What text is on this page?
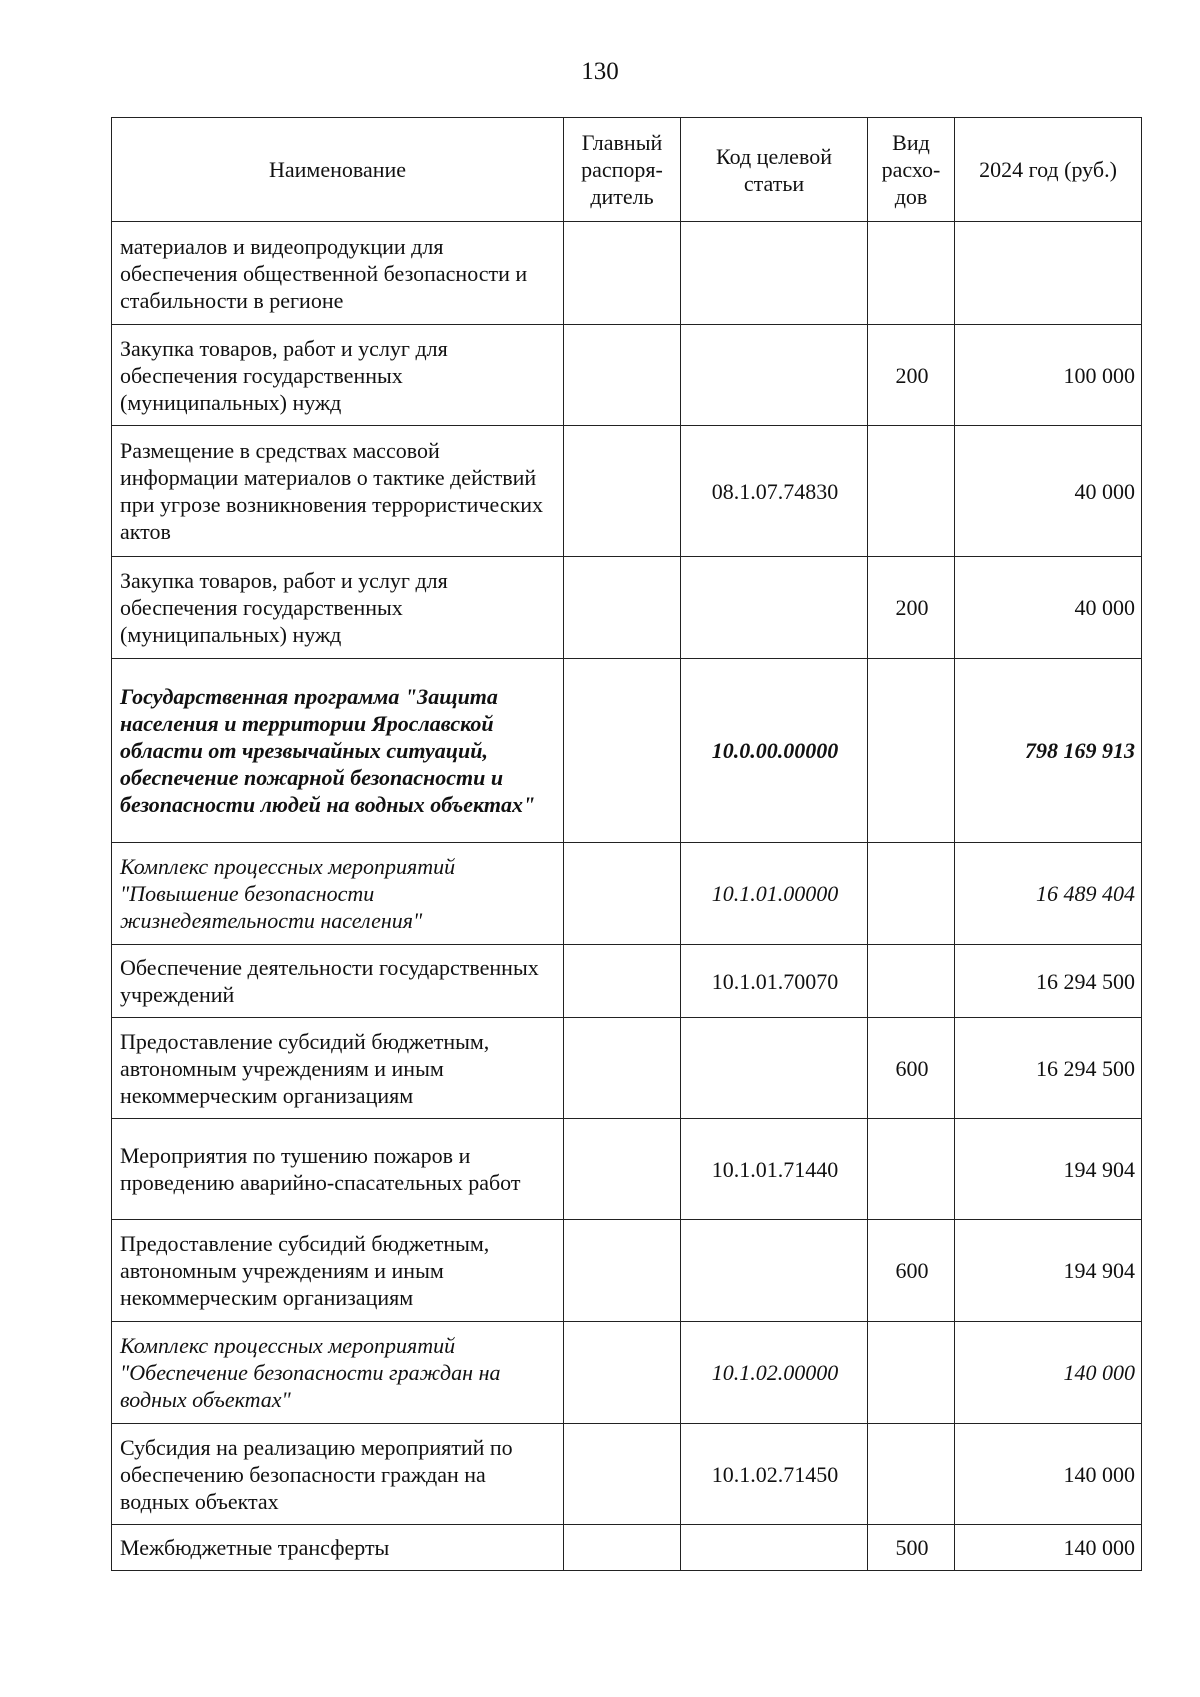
130
Наименование	Главный распоря-дитель	Код целевой статьи	Вид расхо-дов	2024 год (руб.)
материалов и видеопродукции для обеспечения общественной безопасности и стабильности в регионе				
Закупка товаров, работ и услуг для обеспечения государственных (муниципальных) нужд			200	100 000
Размещение в средствах массовой информации материалов о тактике действий при угрозе возникновения террористических актов		08.1.07.74830		40 000
Закупка товаров, работ и услуг для обеспечения государственных (муниципальных) нужд			200	40 000
Государственная программа "Защита населения и территории Ярославской области от чрезвычайных ситуаций, обеспечение пожарной безопасности и безопасности людей на водных объектах"		10.0.00.00000		798 169 913
Комплекс процессных мероприятий "Повышение безопасности жизнедеятельности населения"		10.1.01.00000		16 489 404
Обеспечение деятельности государственных учреждений		10.1.01.70070		16 294 500
Предоставление субсидий бюджетным, автономным учреждениям и иным некоммерческим организациям			600	16 294 500
Мероприятия по тушению пожаров и проведению аварийно-спасательных работ		10.1.01.71440		194 904
Предоставление субсидий бюджетным, автономным учреждениям и иным некоммерческим организациям			600	194 904
Комплекс процессных мероприятий "Обеспечение безопасности граждан на водных объектах"		10.1.02.00000		140 000
Субсидия на реализацию мероприятий по обеспечению безопасности граждан на водных объектах		10.1.02.71450		140 000
Межбюджетные трансферты			500	140 000
